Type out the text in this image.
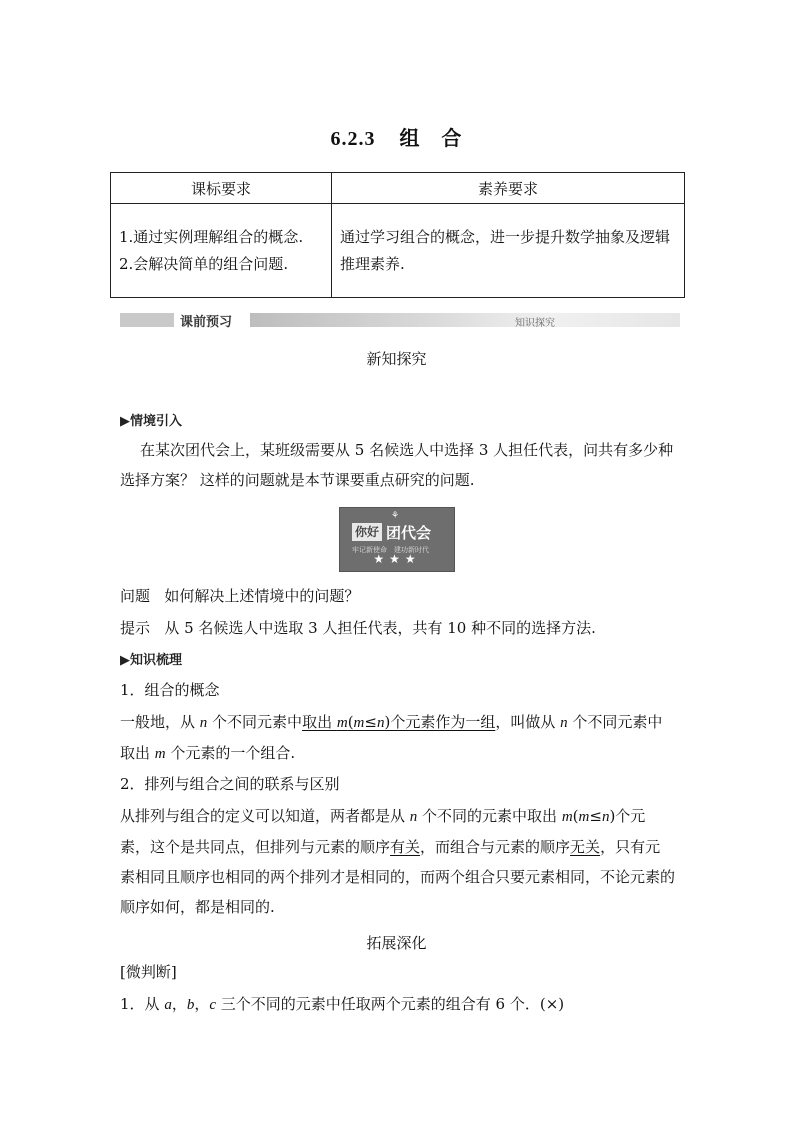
6.2.3 组　合
课标要求	素养要求

1.通过实例理解组合的概念.
2.会解决简单的组合问题.	通过学习组合的概念，进一步提升数学抽象及逻辑推理素养.
课前预习	知识探究
新知探究
▶情境引入
在某次团代会上，某班级需要从 5 名候选人中选择 3 人担任代表，问共有多少种选择方案？ 这样的问题就是本节课要重点研究的问题.
⚘
你好 团代会
牢记新使命　建功新时代
★★★
问题 如何解决上述情境中的问题？
提示 从 5 名候选人中选取 3 人担任代表，共有 10 种不同的选择方法.
▶知识梳理
1．组合的概念
一般地，从 n 个不同元素中取出 m(m≤n)个元素作为一组，叫做从 n 个不同元素中取出 m 个元素的一个组合.
2．排列与组合之间的联系与区别
从排列与组合的定义可以知道，两者都是从 n 个不同的元素中取出 m(m≤n)个元素，这个是共同点，但排列与元素的顺序有关，而组合与元素的顺序无关，只有元素相同且顺序也相同的两个排列才是相同的，而两个组合只要元素相同，不论元素的顺序如何，都是相同的.
拓展深化
[微判断]
1．从 a，b，c 三个不同的元素中任取两个元素的组合有 6 个．(×)
